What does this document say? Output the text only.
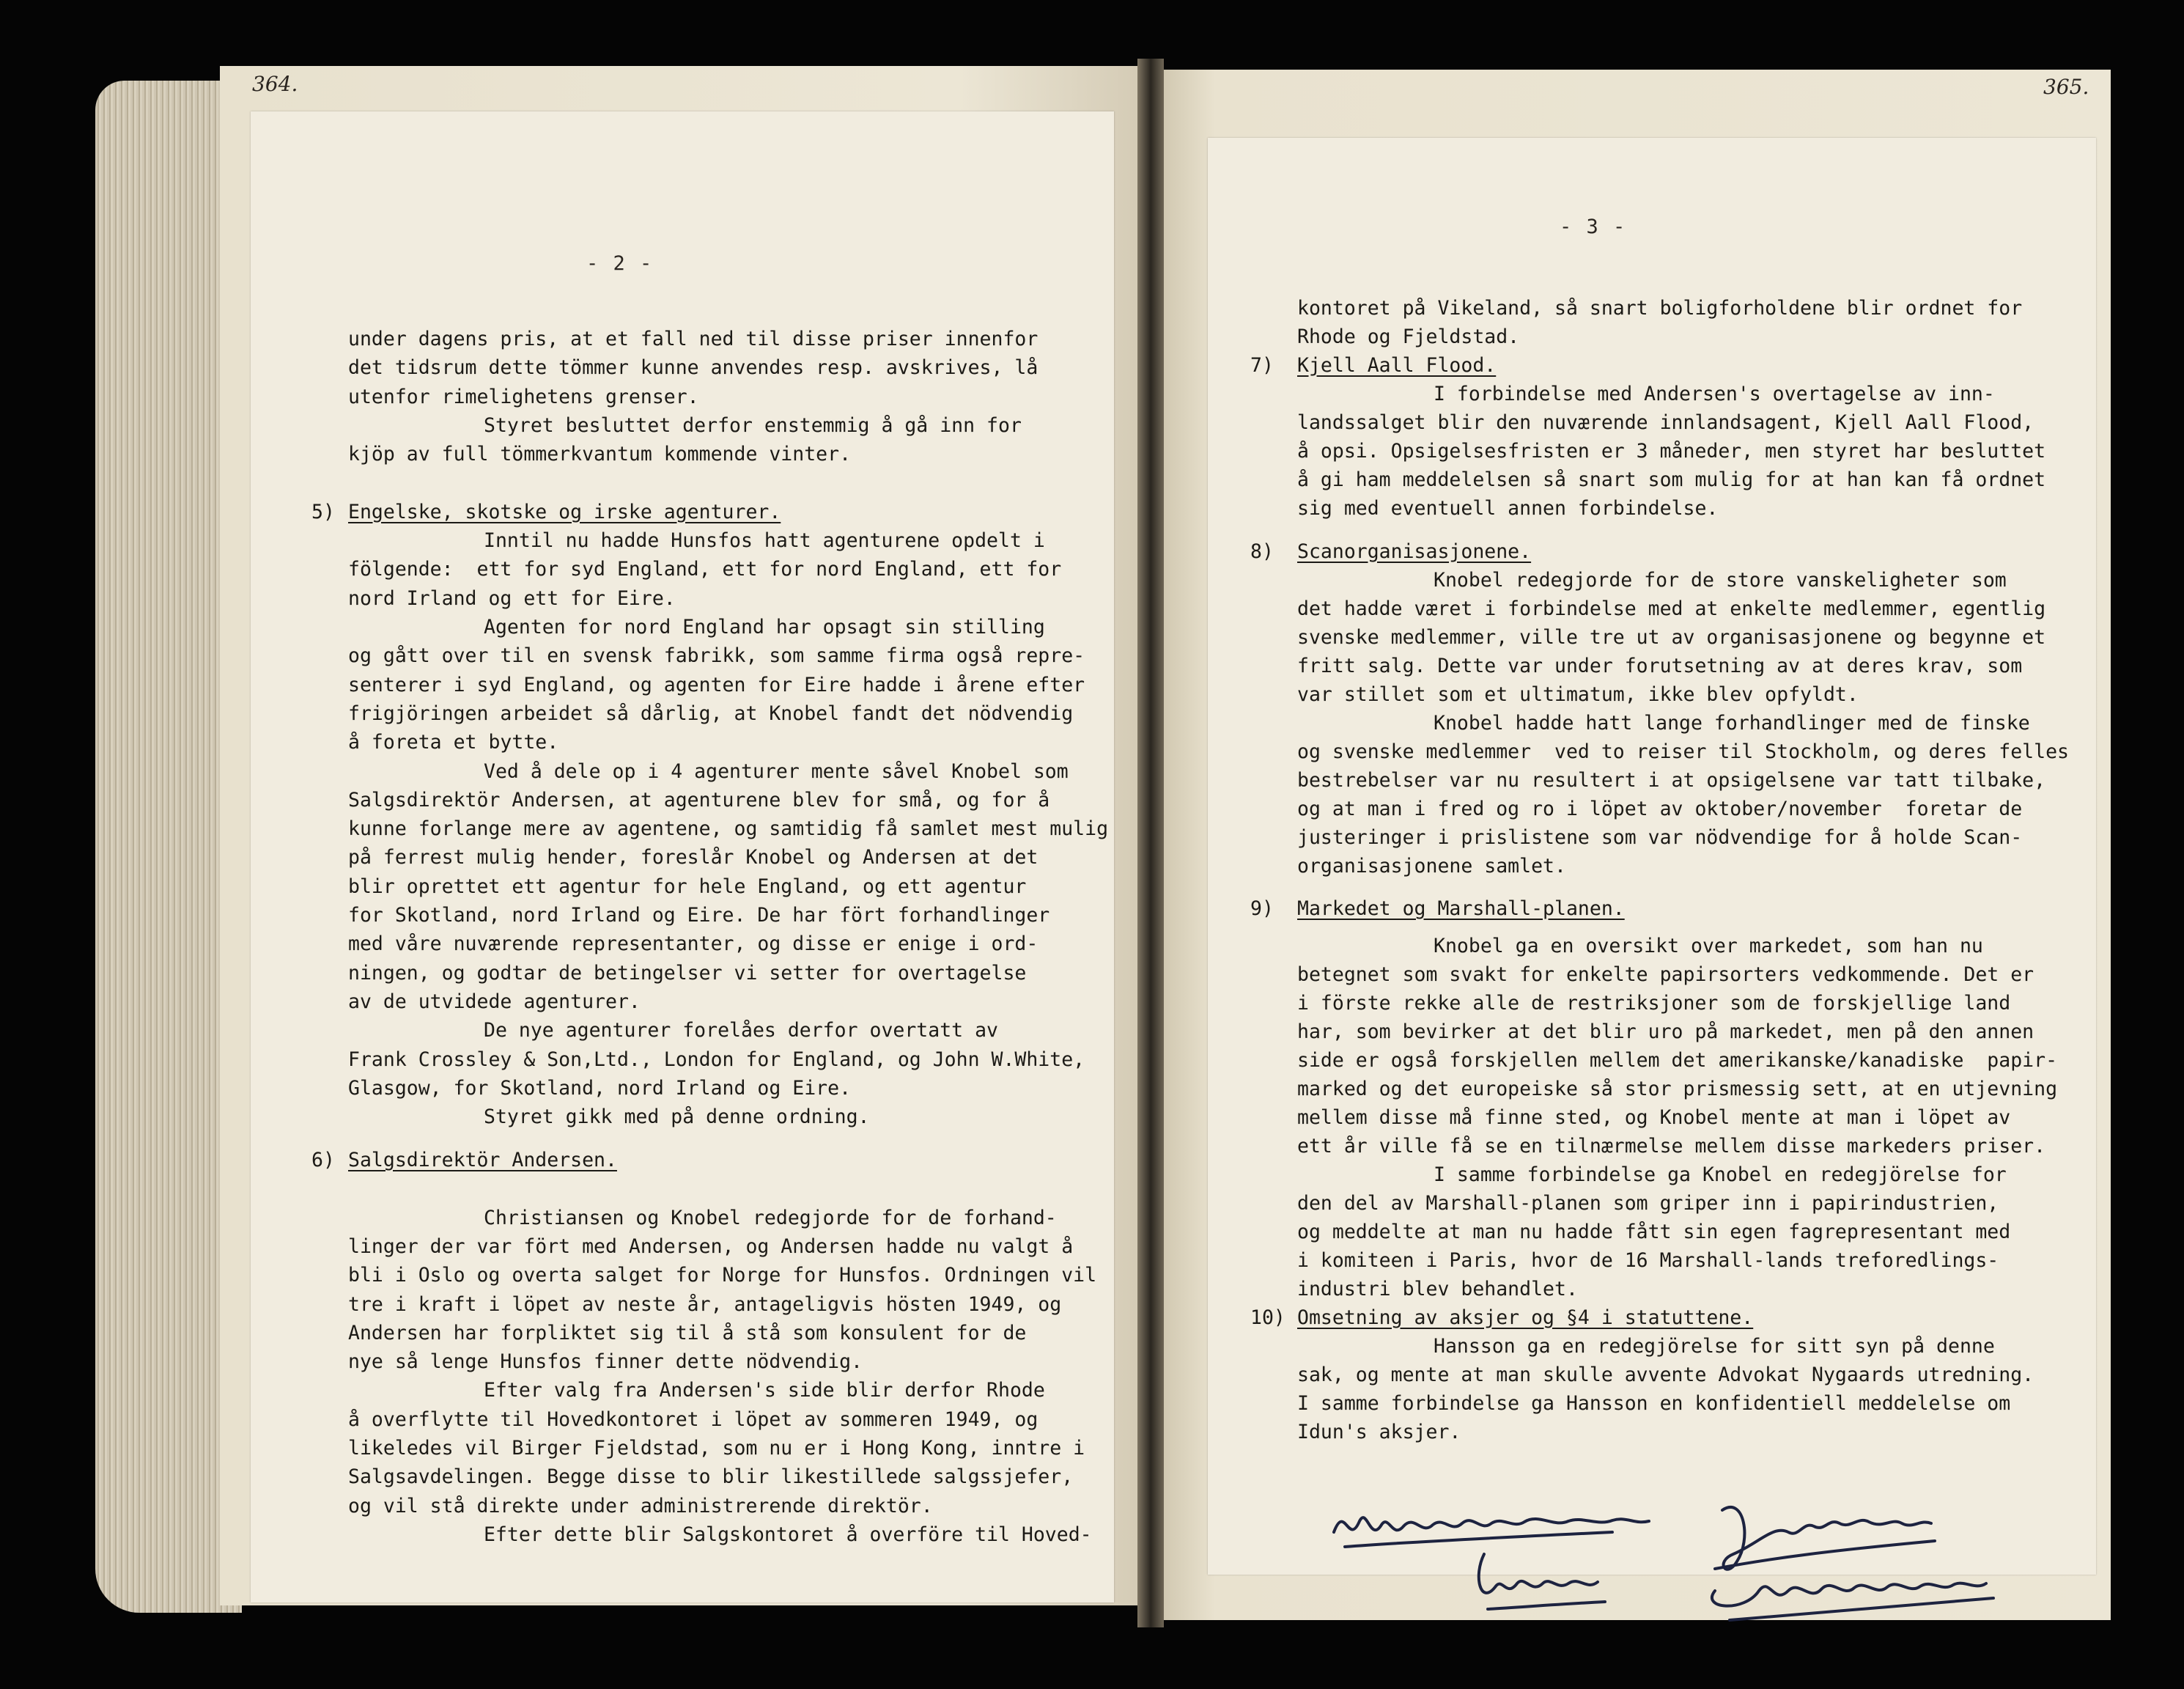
364.	365.
- 2 -
- 3 -
under dagens pris, at et fall ned til disse priser innenfor
det tidsrum dette tömmer kunne anvendes resp. avskrives, lå
utenfor rimelighetens grenser.
Styret besluttet derfor enstemmig å gå inn for
kjöp av full tömmerkvantum kommende vinter.
5) Engelske, skotske og irske agenturer.
Inntil nu hadde Hunsfos hatt agenturene opdelt i
fölgende:  ett for syd England, ett for nord England, ett for
nord Irland og ett for Eire.
Agenten for nord England har opsagt sin stilling
og gått over til en svensk fabrikk, som samme firma også repre-
senterer i syd England, og agenten for Eire hadde i årene efter
frigjöringen arbeidet så dårlig, at Knobel fandt det nödvendig
å foreta et bytte.
Ved å dele op i 4 agenturer mente såvel Knobel som
Salgsdirektör Andersen, at agenturene blev for små, og for å
kunne forlange mere av agentene, og samtidig få samlet mest mulig
på ferrest mulig hender, foreslår Knobel og Andersen at det
blir oprettet ett agentur for hele England, og ett agentur
for Skotland, nord Irland og Eire. De har fört forhandlinger
med våre nuværende representanter, og disse er enige i ord-
ningen, og godtar de betingelser vi setter for overtagelse
av de utvidede agenturer.
De nye agenturer forelåes derfor overtatt av
Frank Crossley & Son,Ltd., London for England, og John W.White,
Glasgow, for Skotland, nord Irland og Eire.
Styret gikk med på denne ordning.
6) Salgsdirektör Andersen.
Christiansen og Knobel redegjorde for de forhand-
linger der var fört med Andersen, og Andersen hadde nu valgt å
bli i Oslo og overta salget for Norge for Hunsfos. Ordningen vil
tre i kraft i löpet av neste år, antageligvis hösten 1949, og
Andersen har forpliktet sig til å stå som konsulent for de
nye så lenge Hunsfos finner dette nödvendig.
Efter valg fra Andersen's side blir derfor Rhode
å overflytte til Hovedkontoret i löpet av sommeren 1949, og
likeledes vil Birger Fjeldstad, som nu er i Hong Kong, inntre i
Salgsavdelingen. Begge disse to blir likestillede salgssjefer,
og vil stå direkte under administrerende direktör.
Efter dette blir Salgskontoret å overföre til Hoved-
kontoret på Vikeland, så snart boligforholdene blir ordnet for
Rhode og Fjeldstad.
7) Kjell Aall Flood.
I forbindelse med Andersen's overtagelse av inn-
landssalget blir den nuværende innlandsagent, Kjell Aall Flood,
å opsi. Opsigelsesfristen er 3 måneder, men styret har besluttet
å gi ham meddelelsen så snart som mulig for at han kan få ordnet
sig med eventuell annen forbindelse.
8) Scanorganisasjonene.
Knobel redegjorde for de store vanskeligheter som
det hadde været i forbindelse med at enkelte medlemmer, egentlig
svenske medlemmer, ville tre ut av organisasjonene og begynne et
fritt salg. Dette var under forutsetning av at deres krav, som
var stillet som et ultimatum, ikke blev opfyldt.
Knobel hadde hatt lange forhandlinger med de finske
og svenske medlemmer  ved to reiser til Stockholm, og deres felles
bestrebelser var nu resultert i at opsigelsene var tatt tilbake,
og at man i fred og ro i löpet av oktober/november  foretar de
justeringer i prislistene som var nödvendige for å holde Scan-
organisasjonene samlet.
9) Markedet og Marshall-planen.
Knobel ga en oversikt over markedet, som han nu
betegnet som svakt for enkelte papirsorters vedkommende. Det er
i förste rekke alle de restriksjoner som de forskjellige land
har, som bevirker at det blir uro på markedet, men på den annen
side er også forskjellen mellem det amerikanske/kanadiske  papir-
marked og det europeiske så stor prismessig sett, at en utjevning
mellem disse må finne sted, og Knobel mente at man i löpet av
ett år ville få se en tilnærmelse mellem disse markeders priser.
I samme forbindelse ga Knobel en redegjörelse for
den del av Marshall-planen som griper inn i papirindustrien,
og meddelte at man nu hadde fått sin egen fagrepresentant med
i komiteen i Paris, hvor de 16 Marshall-lands treforedlings-
industri blev behandlet.
10) Omsetning av aksjer og §4 i statuttene.
Hansson ga en redegjörelse for sitt syn på denne
sak, og mente at man skulle avvente Advokat Nygaards utredning.
I samme forbindelse ga Hansson en konfidentiell meddelelse om
Idun's aksjer.
